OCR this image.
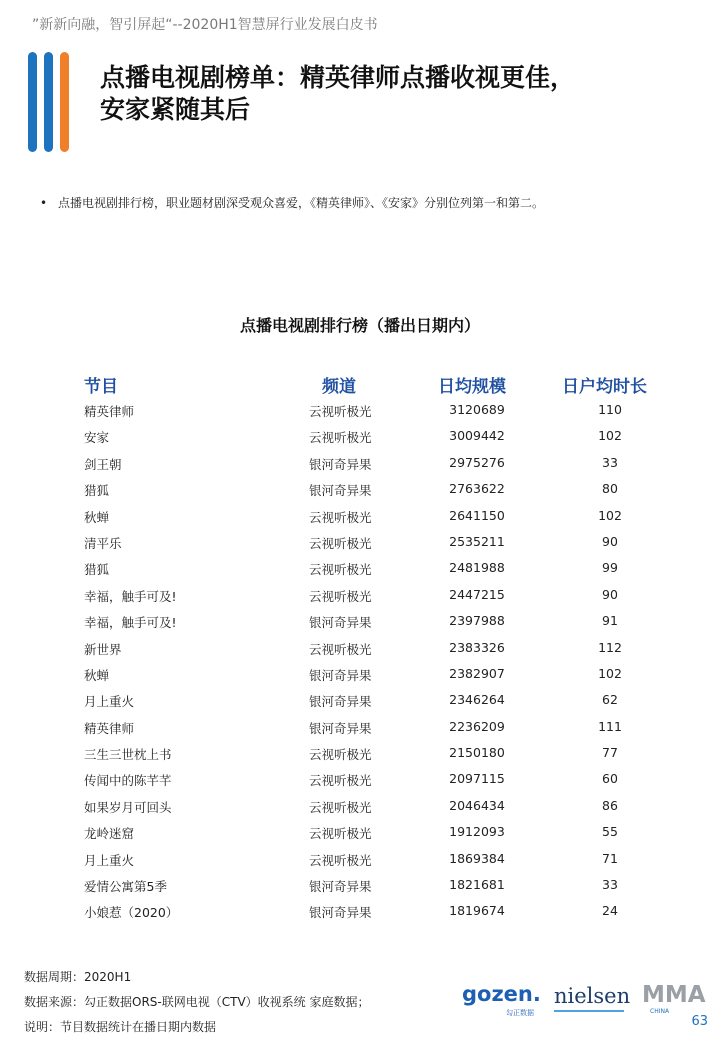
”新新向融，智引屏起“--2020H1智慧屏行业发展白皮书
点播电视剧榜单：精英律师点播收视更佳，
安家紧随其后
• 点播电视剧排行榜，职业题材剧深受观众喜爱，《精英律师》、《安家》分别位列第一和第二。
点播电视剧排行榜（播出日期内）
节目	频道	日均规模	日户均时长
精英律师	云视听极光	3120689	110
安家	云视听极光	3009442	102
剑王朝	银河奇异果	2975276	33
猎狐	银河奇异果	2763622	80
秋蝉	云视听极光	2641150	102
清平乐	云视听极光	2535211	90
猎狐	云视听极光	2481988	99
幸福，触手可及!	云视听极光	2447215	90
幸福，触手可及!	银河奇异果	2397988	91
新世界	云视听极光	2383326	112
秋蝉	银河奇异果	2382907	102
月上重火	银河奇异果	2346264	62
精英律师	银河奇异果	2236209	111
三生三世枕上书	云视听极光	2150180	77
传闻中的陈芊芊	云视听极光	2097115	60
如果岁月可回头	云视听极光	2046434	86
龙岭迷窟	云视听极光	1912093	55
月上重火	云视听极光	1869384	71
爱情公寓第5季	银河奇异果	1821681	33
小娘惹（2020）	银河奇异果	1819674	24
数据周期：2020H1
数据来源：勾正数据ORS-联网电视（CTV）收视系统 家庭数据；
说明：节目数据统计在播日期内数据
gozen.
勾正数据
nielsen MMA
CHINA
63
